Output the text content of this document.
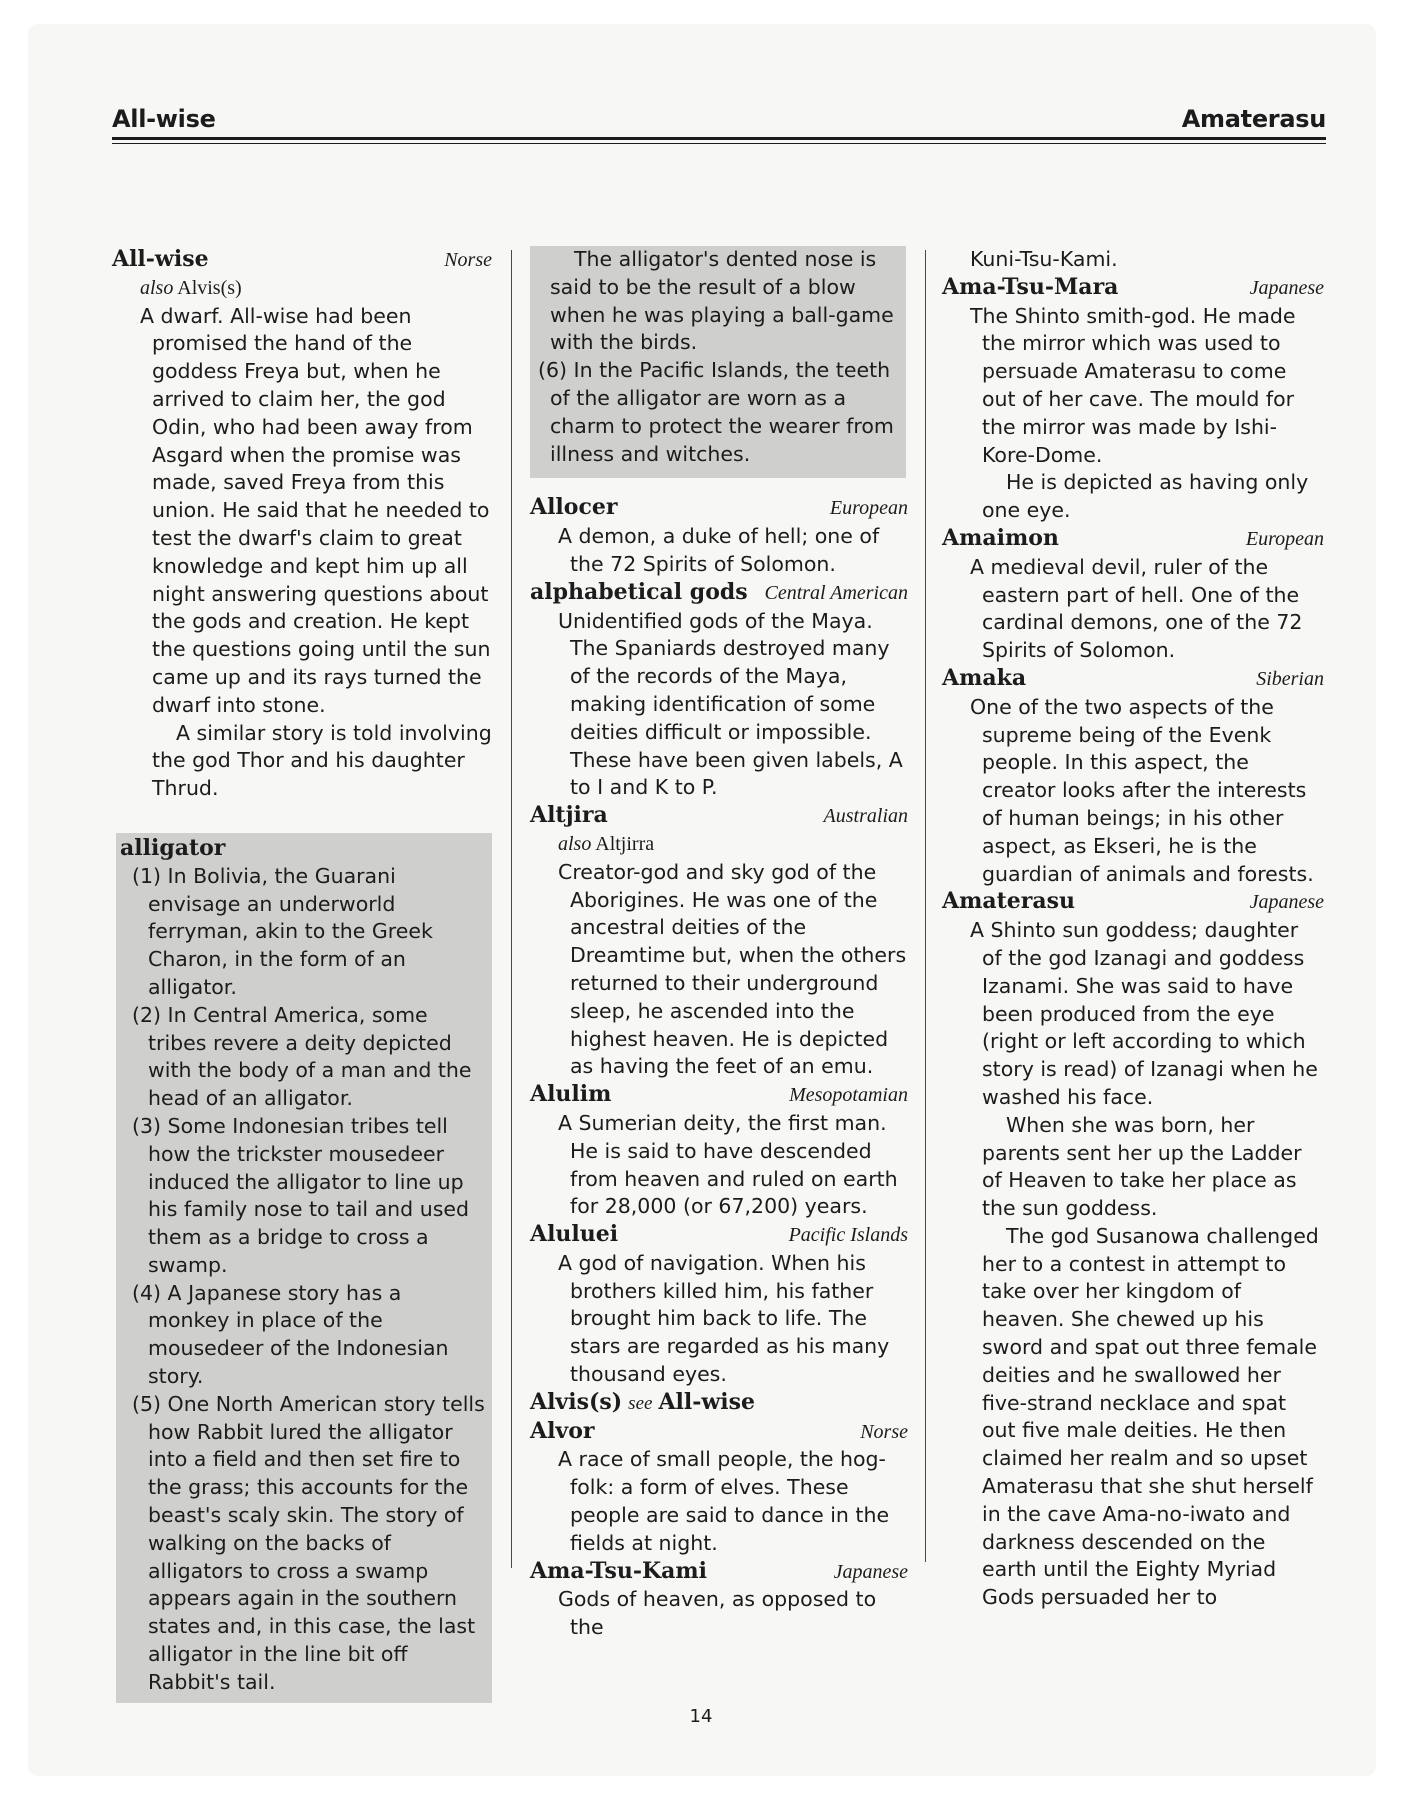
All-wise	Amaterasu
All-wise	Norse
also Alvis(s)

A dwarf. All-wise had been promised the hand of the goddess Freya but, when he arrived to claim her, the god Odin, who had been away from Asgard when the promise was made, saved Freya from this union. He said that he needed to test the dwarf's claim to great knowledge and kept him up all night answering questions about the gods and creation. He kept the questions going until the sun came up and its rays turned the dwarf into stone.

A similar story is told involving the god Thor and his daughter Thrud.

alligator

(1) In Bolivia, the Guarani envisage an underworld ferryman, akin to the Greek Charon, in the form of an alligator.

(2) In Central America, some tribes revere a deity depicted with the body of a man and the head of an alligator.

(3) Some Indonesian tribes tell how the trickster mousedeer induced the alligator to line up his family nose to tail and used them as a bridge to cross a swamp.

(4) A Japanese story has a monkey in place of the mousedeer of the Indonesian story.

(5) One North American story tells how Rabbit lured the alligator into a field and then set fire to the grass; this accounts for the beast's scaly skin. The story of walking on the backs of alligators to cross a swamp appears again in the southern states and, in this case, the last alligator in the line bit off Rabbit's tail.

The alligator's dented nose is said to be the result of a blow when he was playing a ball-game with the birds.

(6) In the Pacific Islands, the teeth of the alligator are worn as a charm to protect the wearer from illness and witches.

Allocer	European

A demon, a duke of hell; one of the 72 Spirits of Solomon.

alphabetical gods Central American

Unidentified gods of the Maya. The Spaniards destroyed many of the records of the Maya, making identification of some deities difficult or impossible. These have been given labels, A to I and K to P.

Altjira	Australian
also Altjirra

Creator-god and sky god of the Aborigines. He was one of the ancestral deities of the Dreamtime but, when the others returned to their underground sleep, he ascended into the highest heaven. He is depicted as having the feet of an emu.

Alulim	Mesopotamian

A Sumerian deity, the first man. He is said to have descended from heaven and ruled on earth for 28,000 (or 67,200) years.

Aluluei	Pacific Islands

A god of navigation. When his brothers killed him, his father brought him back to life. The stars are regarded as his many thousand eyes.

Alvis(s) see All-wise
Alvor	Norse

A race of small people, the hog-folk: a form of elves. These people are said to dance in the fields at night.

Ama-Tsu-Kami	Japanese

Gods of heaven, as opposed to the

Kuni-Tsu-Kami.

Ama-Tsu-Mara	Japanese

The Shinto smith-god. He made the mirror which was used to persuade Amaterasu to come out of her cave. The mould for the mirror was made by Ishi-Kore-Dome.

He is depicted as having only one eye.

Amaimon	European

A medieval devil, ruler of the eastern part of hell. One of the cardinal demons, one of the 72 Spirits of Solomon.

Amaka	Siberian

One of the two aspects of the supreme being of the Evenk people. In this aspect, the creator looks after the interests of human beings; in his other aspect, as Ekseri, he is the guardian of animals and forests.

Amaterasu	Japanese

A Shinto sun goddess; daughter of the god Izanagi and goddess Izanami. She was said to have been produced from the eye (right or left according to which story is read) of Izanagi when he washed his face.

When she was born, her parents sent her up the Ladder of Heaven to take her place as the sun goddess.

The god Susanowa challenged her to a contest in attempt to take over her kingdom of heaven. She chewed up his sword and spat out three female deities and he swallowed her five-strand necklace and spat out five male deities. He then claimed her realm and so upset Amaterasu that she shut herself in the cave Ama-no-iwato and darkness descended on the earth until the Eighty Myriad Gods persuaded her to

14
